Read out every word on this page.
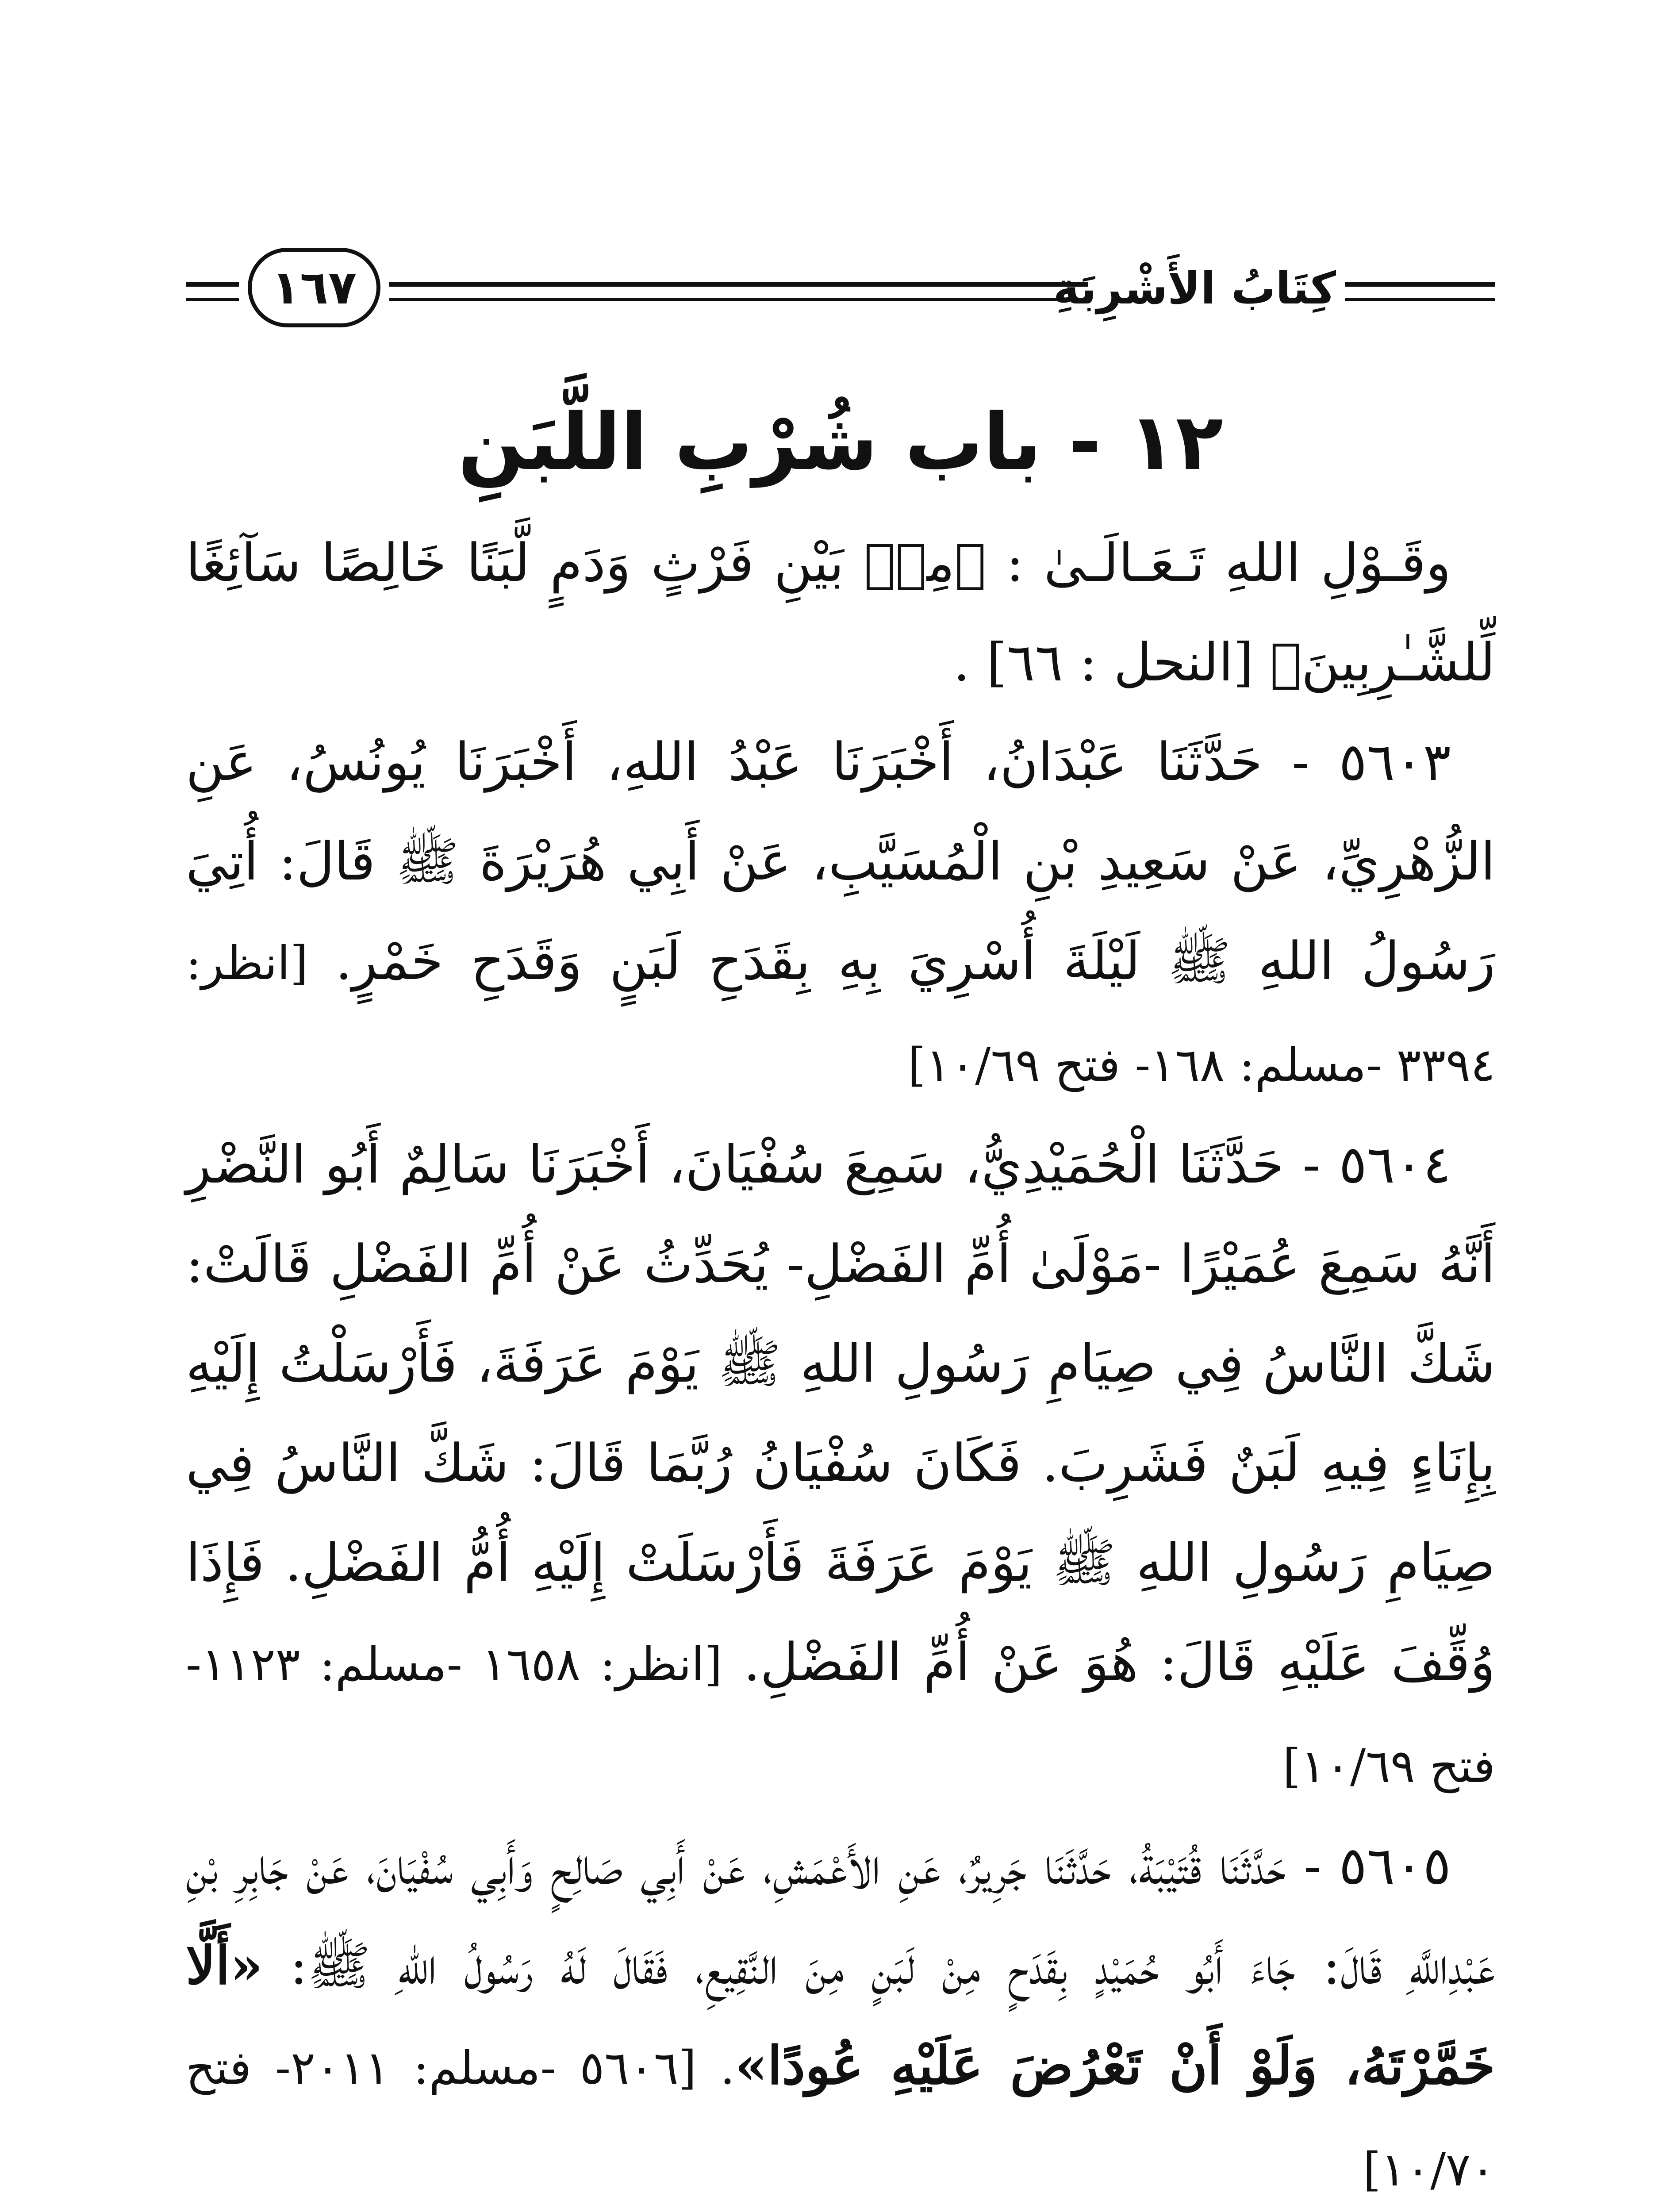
١٦٧	كِتَابُ الأَشْرِبَةِ
١٢ - باب شُرْبِ اللَّبَنِ

وقَـوْلِ اللهِ تَـعَـالَـىٰ : ﴿مِنۢ بَيْنِ فَرْثٍ وَدَمٍ لَّبَنًا خَالِصًا سَآئِغًا لِّلشَّـٰرِبِينَ﴾ [النحل : ٦٦] .

٥٦٠٣ - حَدَّثَنَا عَبْدَانُ، أَخْبَرَنَا عَبْدُ اللهِ، أَخْبَرَنَا يُونُسُ، عَنِ الزُّهْرِيِّ، عَنْ سَعِيدِ بْنِ الْمُسَيَّبِ، عَنْ أَبِي هُرَيْرَةَ ﷺ قَالَ: أُتِيَ رَسُولُ اللهِ ﷺ لَيْلَةَ أُسْرِيَ بِهِ بِقَدَحِ لَبَنٍ وَقَدَحِ خَمْرٍ. [انظر: ٣٣٩٤ -مسلم: ١٦٨- فتح ١٠/٦٩]

٥٦٠٤ - حَدَّثَنَا الْحُمَيْدِيُّ، سَمِعَ سُفْيَانَ، أَخْبَرَنَا سَالِمٌ أَبُو النَّضْرِ أَنَّهُ سَمِعَ عُمَيْرًا -مَوْلَىٰ أُمِّ الفَضْلِ- يُحَدِّثُ عَنْ أُمِّ الفَضْلِ قَالَتْ: شَكَّ النَّاسُ فِي صِيَامِ رَسُولِ اللهِ ﷺ يَوْمَ عَرَفَةَ، فَأَرْسَلْتُ إِلَيْهِ بِإِنَاءٍ فِيهِ لَبَنٌ فَشَرِبَ. فَكَانَ سُفْيَانُ رُبَّمَا قَالَ: شَكَّ النَّاسُ فِي صِيَامِ رَسُولِ اللهِ ﷺ يَوْمَ عَرَفَةَ فَأَرْسَلَتْ إِلَيْهِ أُمُّ الفَضْلِ. فَإِذَا وُقِّفَ عَلَيْهِ قَالَ: هُوَ عَنْ أُمِّ الفَضْلِ. [انظر: ١٦٥٨ -مسلم: ١١٢٣- فتح ١٠/٦٩]

٥٦٠٥ - حَدَّثَنَا قُتَيْبَةُ، حَدَّثَنَا جَرِيرٌ، عَنِ الأَعْمَشِ، عَنْ أَبِي صَالِحٍ وَأَبِي سُفْيَانَ، عَنْ جَابِرِ بْنِ عَبْدِاللَّهِ قَالَ: جَاءَ أَبُو حُمَيْدٍ بِقَدَحٍ مِنْ لَبَنٍ مِنَ النَّقِيعِ، فَقَالَ لَهُ رَسُولُ اللهِ ﷺ: «أَلَّا خَمَّرْتَهُ، وَلَوْ أَنْ تَعْرُضَ عَلَيْهِ عُودًا». [٥٦٠٦ -مسلم: ٢٠١١- فتح ١٠/٧٠]
